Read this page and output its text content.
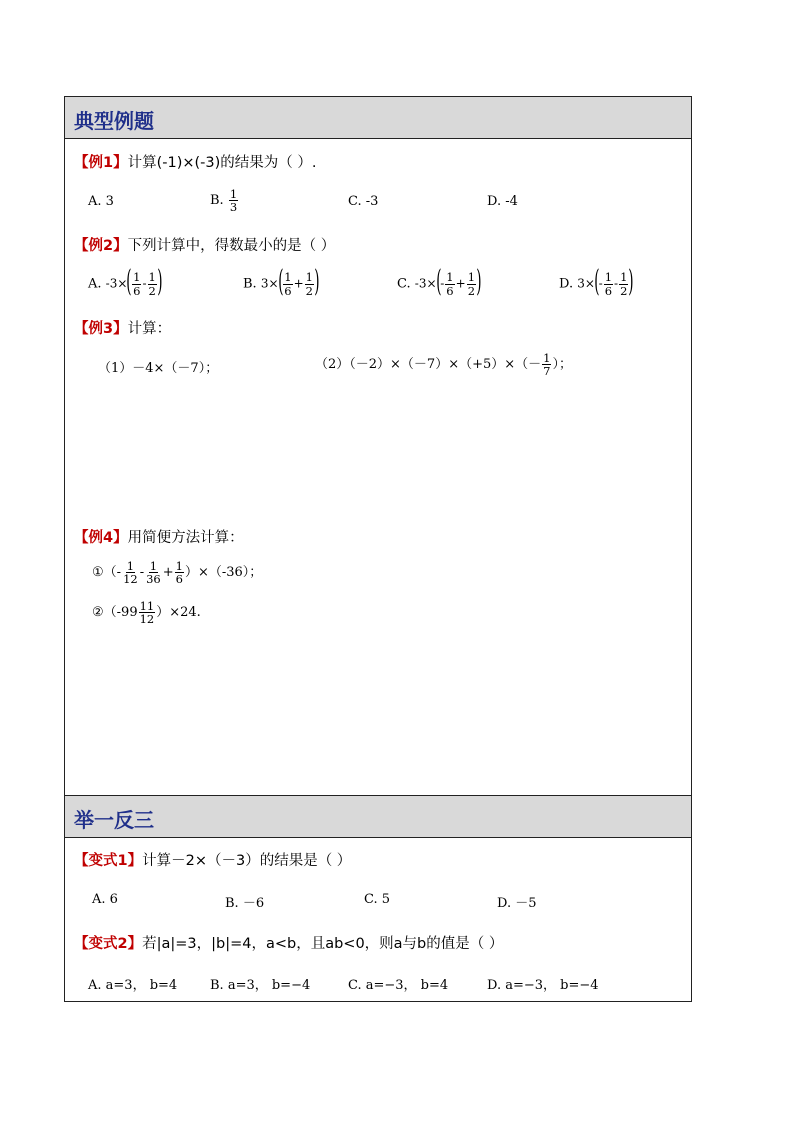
典型例题
【例1】计算(-1)×(-3)的结果为（ ）.
A. 3	B. $\frac{1}{3}$	C. -3	D. -4
【例2】下列计算中，得数最小的是（ ）
A. $-3\times( \frac{1}{6} - \frac{1}{2}$ )	B. $3\times( \frac{1}{6} + \frac{1}{2}$ )	C. $-3\times(- \frac{1}{6} + \frac{1}{2}$ )	D. $3\times(- \frac{1}{6} - \frac{1}{2}$ )
【例3】计算：
（1）－4×（－7）；	$(2)(-2)\times(-7)\times(+5)\times(- \frac{1}{7}$ ）；
【例4】用简便方法计算：
①（- $\frac{1}{12} - \frac{1}{36} + \frac{1}{6} )\times(-36)$；
②（-99 $\frac{11}{12} )\times 24$.
举一反三
【变式1】计算－2×（－3）的结果是（ ）
A. 6	B. －6	C. 5	D. －5
【变式2】若|a|=3，|b|=4，a<b，且ab<0，则a与b的值是（ ）
A. a=3， b=4	B. a=3， b=−4	C. a=−3， b=4	D. a=−3， b=−4
